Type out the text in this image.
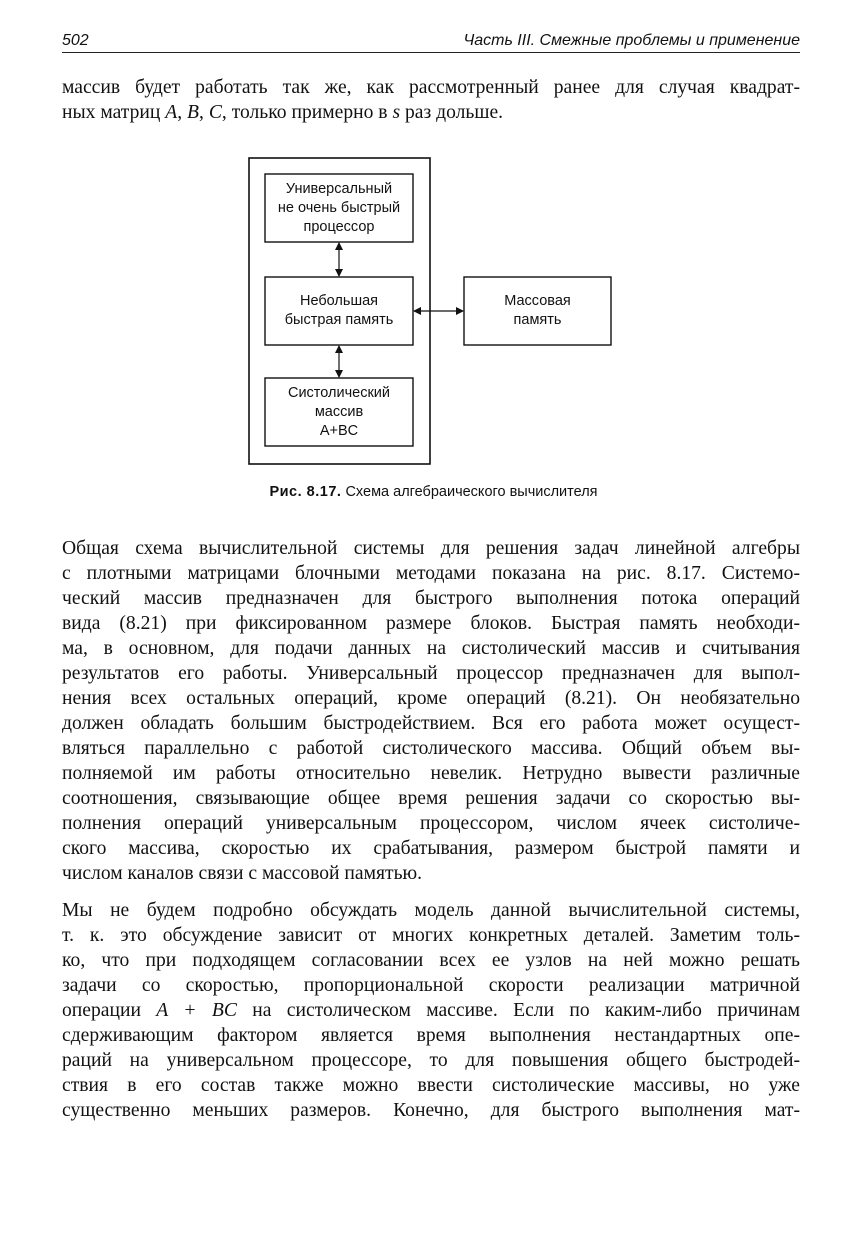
502	Часть III. Смежные проблемы и применение
массив будет работать так же, как рассмотренный ранее для случая квадрат-
ных матриц A, B, C, только примерно в s раз дольше.
Универсальный
не очень быстрый
процессор
Небольшая
быстрая память
Систолический
массив
A+BC
Массовая
память
Рис. 8.17. Схема алгебраического вычислителя
Общая схема вычислительной системы для решения задач линейной алгебры
с плотными матрицами блочными методами показана на рис. 8.17. Системо-
ческий массив предназначен для быстрого выполнения потока операций
вида (8.21) при фиксированном размере блоков. Быстрая память необходи-
ма, в основном, для подачи данных на систолический массив и считывания
результатов его работы. Универсальный процессор предназначен для выпол-
нения всех остальных операций, кроме операций (8.21). Он необязательно
должен обладать большим быстродействием. Вся его работа может осущест-
вляться параллельно с работой систолического массива. Общий объем вы-
полняемой им работы относительно невелик. Нетрудно вывести различные
соотношения, связывающие общее время решения задачи со скоростью вы-
полнения операций универсальным процессором, числом ячеек систоличе-
ского массива, скоростью их срабатывания, размером быстрой памяти и
числом каналов связи с массовой памятью.
Мы не будем подробно обсуждать модель данной вычислительной системы,
т. к. это обсуждение зависит от многих конкретных деталей. Заметим толь-
ко, что при подходящем согласовании всех ее узлов на ней можно решать
задачи со скоростью, пропорциональной скорости реализации матричной
операции A + BC на систолическом массиве. Если по каким-либо причинам
сдерживающим фактором является время выполнения нестандартных опе-
раций на универсальном процессоре, то для повышения общего быстродей-
ствия в его состав также можно ввести систолические массивы, но уже
существенно меньших размеров. Конечно, для быстрого выполнения мат-
